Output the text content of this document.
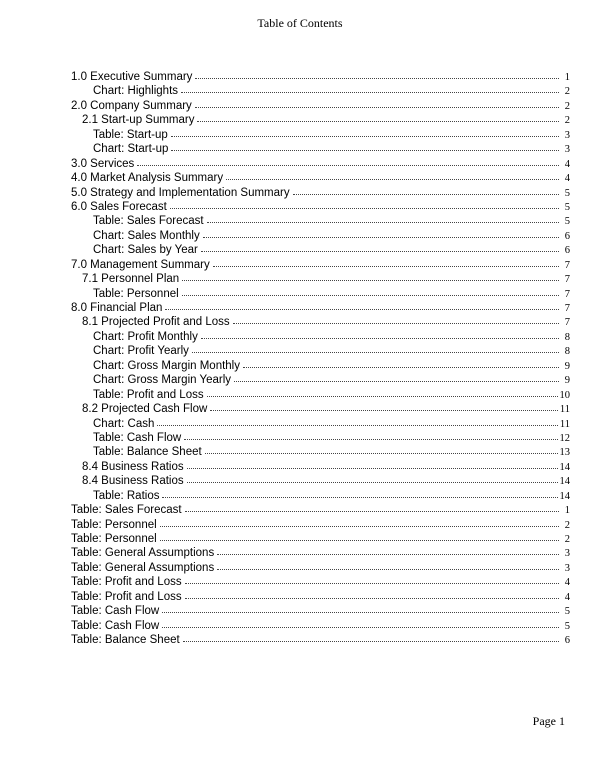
Table of Contents
1.0 Executive Summary	1
Chart: Highlights	2
2.0 Company Summary	2
2.1 Start-up Summary	2
Table: Start-up	3
Chart: Start-up	3
3.0 Services	4
4.0 Market Analysis Summary	4
5.0 Strategy and Implementation Summary	5
6.0 Sales Forecast	5
Table: Sales Forecast	5
Chart: Sales Monthly	6
Chart: Sales by Year	6
7.0 Management Summary	7
7.1 Personnel Plan	7
Table: Personnel	7
8.0 Financial Plan	7
8.1 Projected Profit and Loss	7
Chart: Profit Monthly	8
Chart: Profit Yearly	8
Chart: Gross Margin Monthly	9
Chart: Gross Margin Yearly	9
Table: Profit and Loss	10
8.2 Projected Cash Flow	11
Chart: Cash	11
Table: Cash Flow	12
Table: Balance Sheet	13
8.4 Business Ratios	14
8.4 Business Ratios	14
Table: Ratios	14
Table: Sales Forecast	1
Table: Personnel	2
Table: Personnel	2
Table: General Assumptions	3
Table: General Assumptions	3
Table: Profit and Loss	4
Table: Profit and Loss	4
Table: Cash Flow	5
Table: Cash Flow	5
Table: Balance Sheet	6
Page 1
